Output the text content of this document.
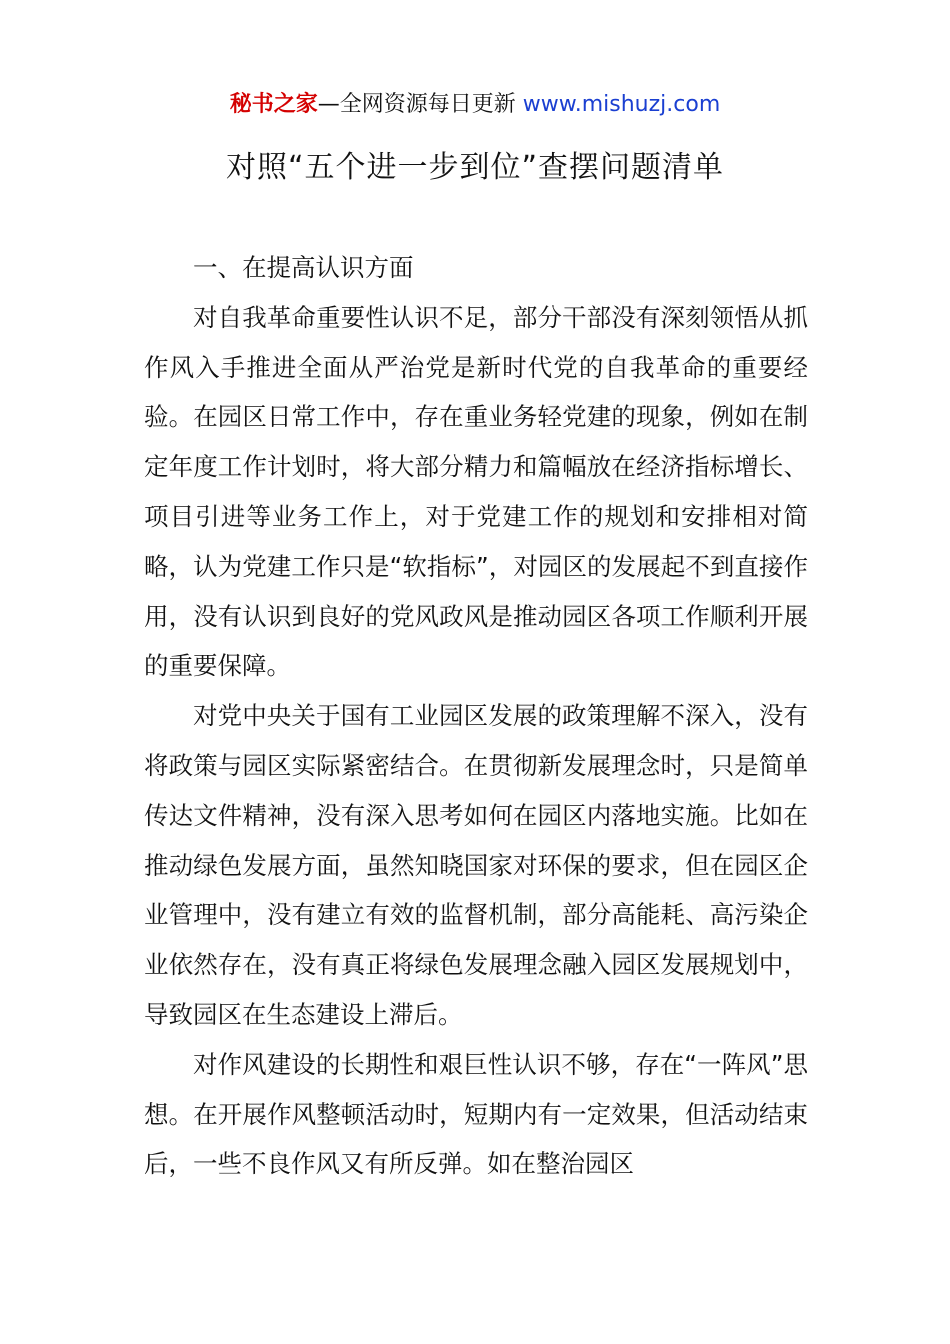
秘书之家—全网资源每日更新 www.mishuzj.com
对照“五个进一步到位”查摆问题清单

一、在提高认识方面

对自我革命重要性认识不足，部分干部没有深刻领悟从抓作风入手推进全面从严治党是新时代党的自我革命的重要经验。在园区日常工作中，存在重业务轻党建的现象，例如在制定年度工作计划时，将大部分精力和篇幅放在经济指标增长、项目引进等业务工作上，对于党建工作的规划和安排相对简略，认为党建工作只是“软指标”，对园区的发展起不到直接作用，没有认识到良好的党风政风是推动园区各项工作顺利开展的重要保障。

对党中央关于国有工业园区发展的政策理解不深入，没有将政策与园区实际紧密结合。在贯彻新发展理念时，只是简单传达文件精神，没有深入思考如何在园区内落地实施。比如在推动绿色发展方面，虽然知晓国家对环保的要求，但在园区企业管理中，没有建立有效的监督机制，部分高能耗、高污染企业依然存在，没有真正将绿色发展理念融入园区发展规划中，导致园区在生态建设上滞后。

对作风建设的长期性和艰巨性认识不够，存在“一阵风”思想。在开展作风整顿活动时，短期内有一定效果，但活动结束后，一些不良作风又有所反弹。如在整治园区
